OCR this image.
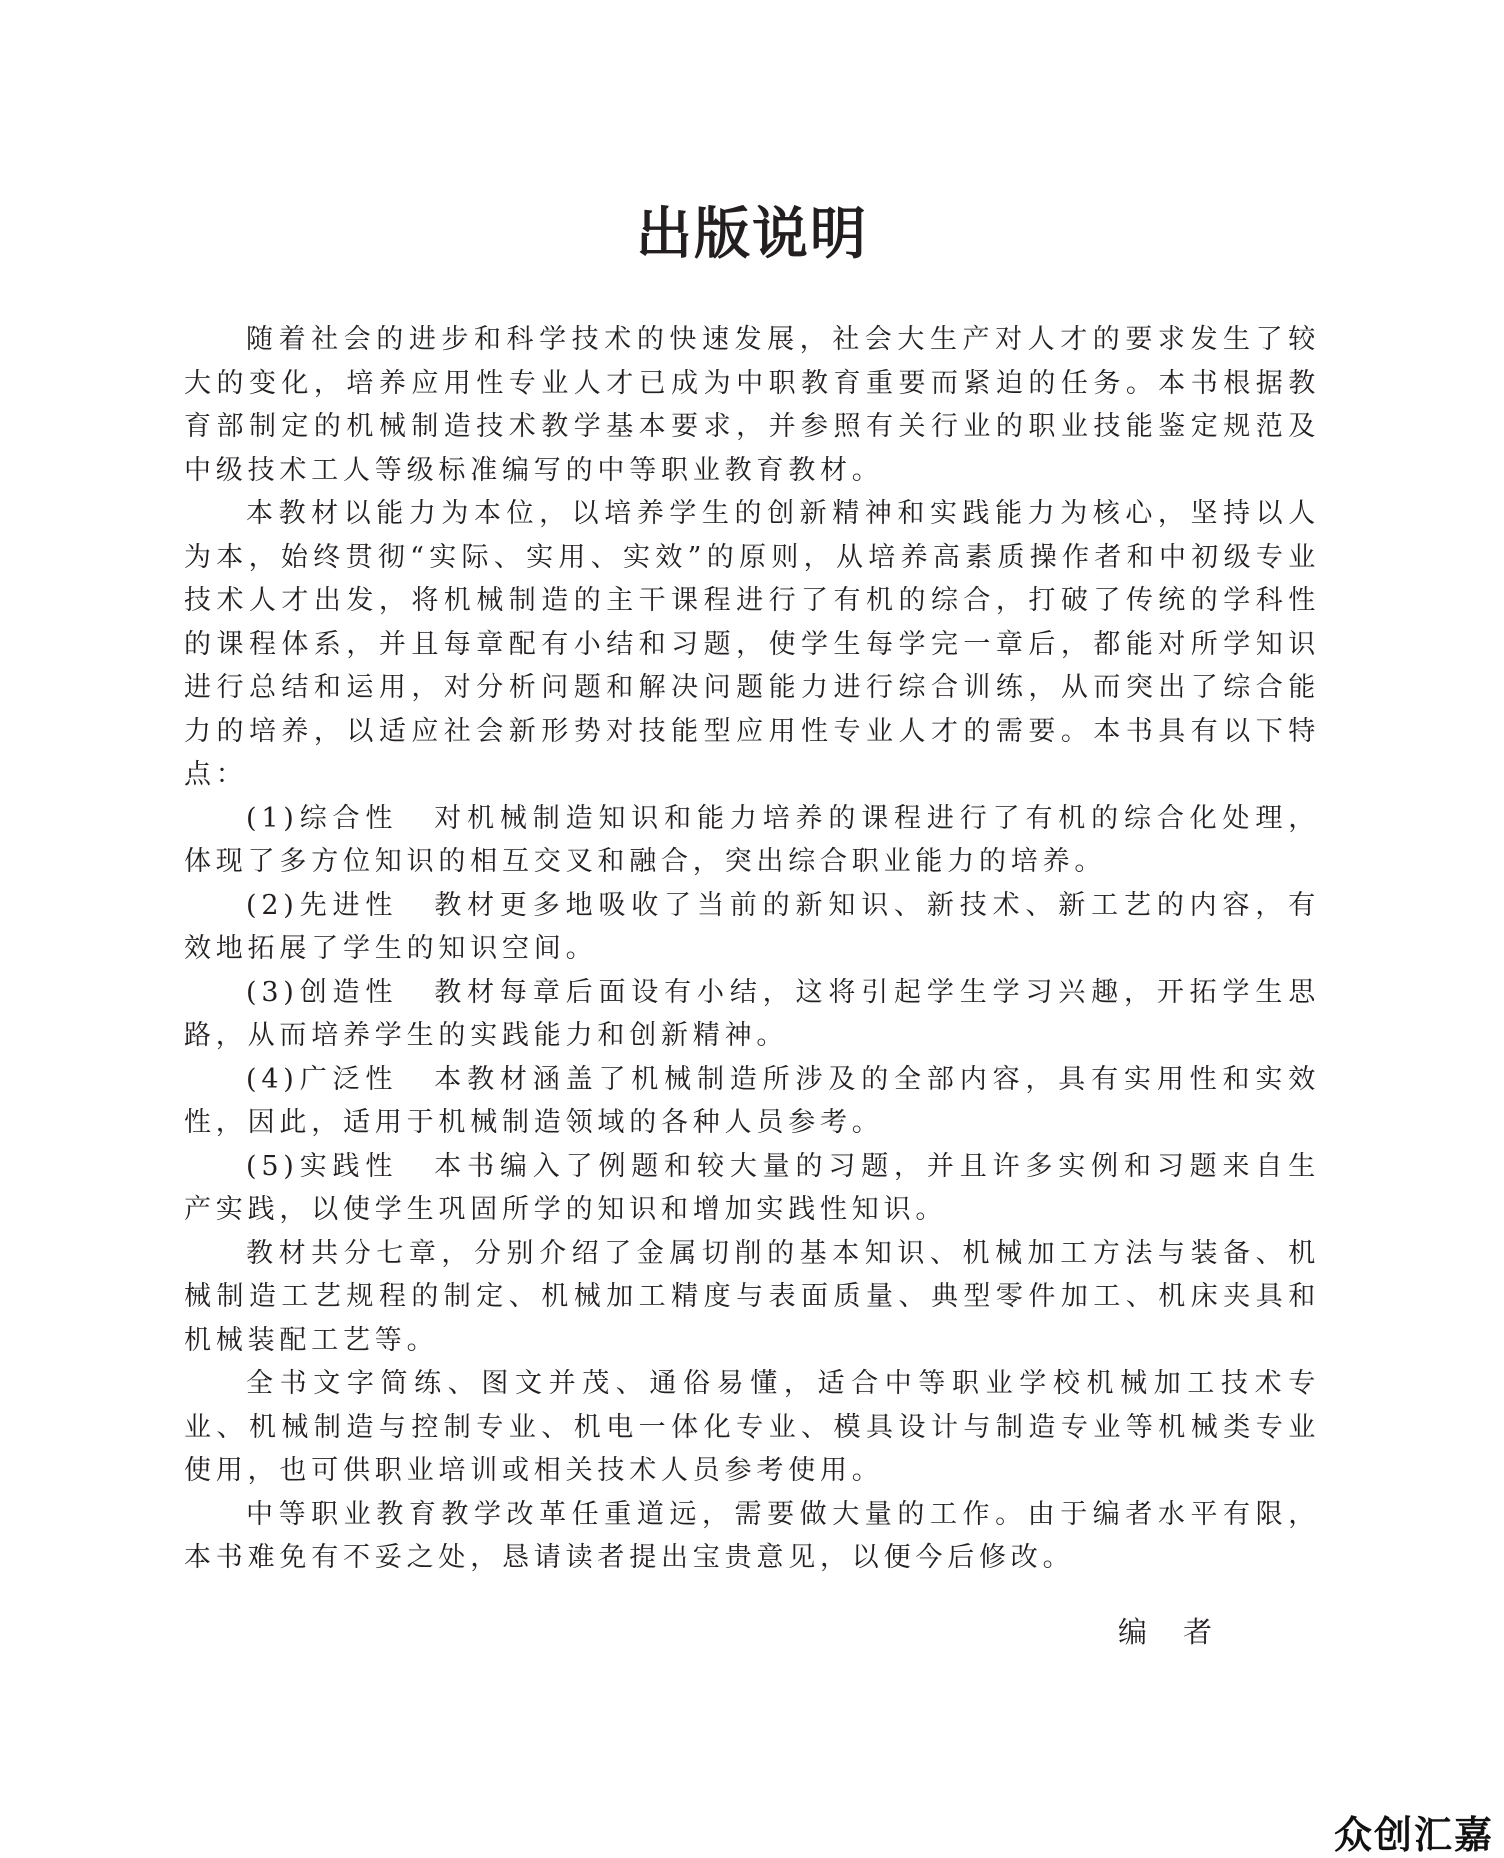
出版说明

随着社会的进步和科学技术的快速发展，社会大生产对人才的要求发生了较大的变化，培养应用性专业人才已成为中职教育重要而紧迫的任务。本书根据教育部制定的机械制造技术教学基本要求，并参照有关行业的职业技能鉴定规范及中级技术工人等级标准编写的中等职业教育教材。

本教材以能力为本位，以培养学生的创新精神和实践能力为核心，坚持以人为本，始终贯彻“实际、实用、实效”的原则，从培养高素质操作者和中初级专业技术人才出发，将机械制造的主干课程进行了有机的综合，打破了传统的学科性的课程体系，并且每章配有小结和习题，使学生每学完一章后，都能对所学知识进行总结和运用，对分析问题和解决问题能力进行综合训练，从而突出了综合能力的培养，以适应社会新形势对技能型应用性专业人才的需要。本书具有以下特点：

(1)综合性 对机械制造知识和能力培养的课程进行了有机的综合化处理，体现了多方位知识的相互交叉和融合，突出综合职业能力的培养。

(2)先进性 教材更多地吸收了当前的新知识、新技术、新工艺的内容，有效地拓展了学生的知识空间。

(3)创造性 教材每章后面设有小结，这将引起学生学习兴趣，开拓学生思路，从而培养学生的实践能力和创新精神。

(4)广泛性 本教材涵盖了机械制造所涉及的全部内容，具有实用性和实效性，因此，适用于机械制造领域的各种人员参考。

(5)实践性 本书编入了例题和较大量的习题，并且许多实例和习题来自生产实践，以使学生巩固所学的知识和增加实践性知识。

教材共分七章，分别介绍了金属切削的基本知识、机械加工方法与装备、机械制造工艺规程的制定、机械加工精度与表面质量、典型零件加工、机床夹具和机械装配工艺等。

全书文字简练、图文并茂、通俗易懂，适合中等职业学校机械加工技术专业、机械制造与控制专业、机电一体化专业、模具设计与制造专业等机械类专业使用，也可供职业培训或相关技术人员参考使用。

中等职业教育教学改革任重道远，需要做大量的工作。由于编者水平有限，本书难免有不妥之处，恳请读者提出宝贵意见，以便今后修改。

编者

众创汇嘉
